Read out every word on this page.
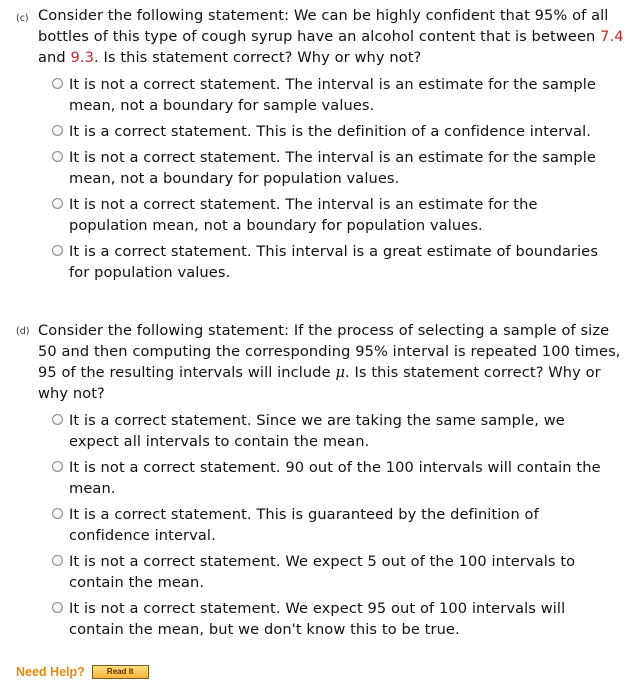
(c) Consider the following statement: We can be highly confident that 95% of all bottles of this type of cough syrup have an alcohol content that is between 7.4 and 9.3. Is this statement correct? Why or why not?
It is not a correct statement. The interval is an estimate for the sample mean, not a boundary for sample values.
It is a correct statement. This is the definition of a confidence interval.
It is not a correct statement. The interval is an estimate for the sample mean, not a boundary for population values.
It is not a correct statement. The interval is an estimate for the population mean, not a boundary for population values.
It is a correct statement. This interval is a great estimate of boundaries for population values.
(d) Consider the following statement: If the process of selecting a sample of size 50 and then computing the corresponding 95% interval is repeated 100 times, 95 of the resulting intervals will include μ. Is this statement correct? Why or why not?
It is a correct statement. Since we are taking the same sample, we expect all intervals to contain the mean.
It is not a correct statement. 90 out of the 100 intervals will contain the mean.
It is a correct statement. This is guaranteed by the definition of confidence interval.
It is not a correct statement. We expect 5 out of the 100 intervals to contain the mean.
It is not a correct statement. We expect 95 out of 100 intervals will contain the mean, but we don't know this to be true.
Need Help?	Read It
